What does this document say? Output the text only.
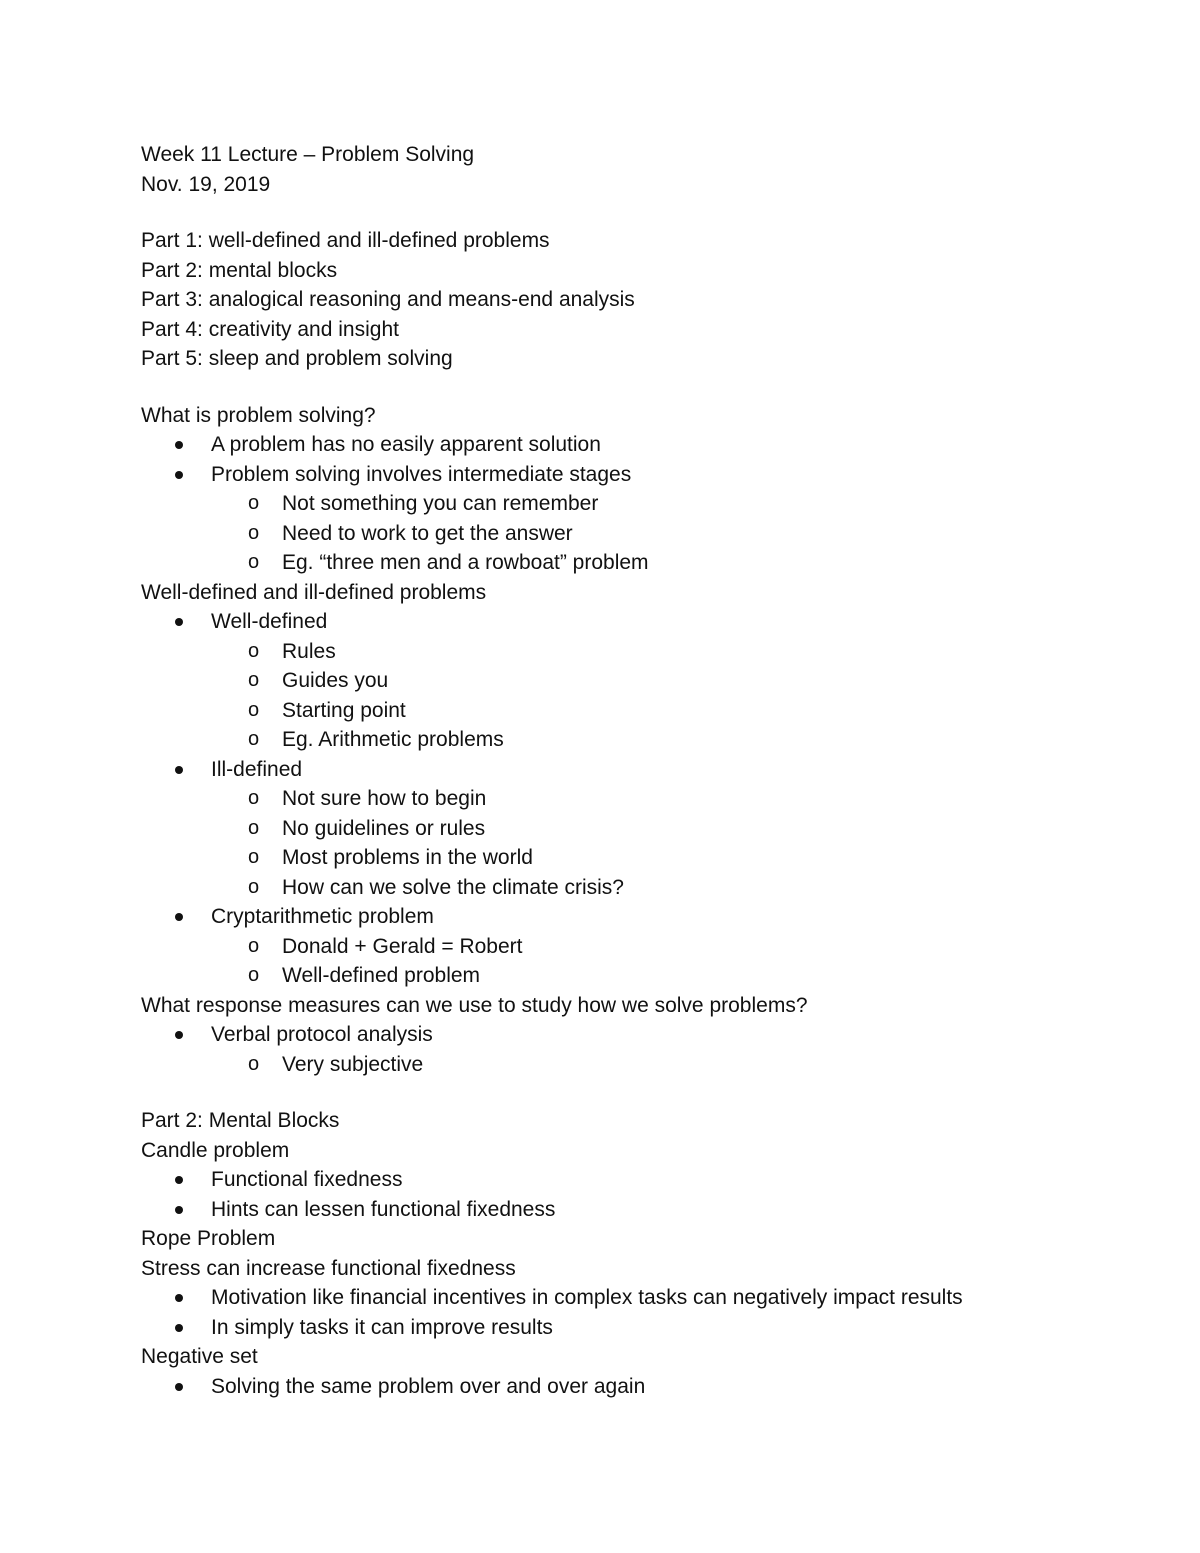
Week 11 Lecture – Problem Solving
Nov. 19, 2019
Part 1: well-defined and ill-defined problems
Part 2: mental blocks
Part 3: analogical reasoning and means-end analysis
Part 4: creativity and insight
Part 5: sleep and problem solving
What is problem solving?
A problem has no easily apparent solution
Problem solving involves intermediate stages
o Not something you can remember
o Need to work to get the answer
o Eg. “three men and a rowboat” problem
Well-defined and ill-defined problems
Well-defined
o Rules
o Guides you
o Starting point
o Eg. Arithmetic problems
Ill-defined
o Not sure how to begin
o No guidelines or rules
o Most problems in the world
o How can we solve the climate crisis?
Cryptarithmetic problem
o Donald + Gerald = Robert
o Well-defined problem
What response measures can we use to study how we solve problems?
Verbal protocol analysis
o Very subjective
Part 2: Mental Blocks
Candle problem
Functional fixedness
Hints can lessen functional fixedness
Rope Problem
Stress can increase functional fixedness
Motivation like financial incentives in complex tasks can negatively impact results
In simply tasks it can improve results
Negative set
Solving the same problem over and over again
